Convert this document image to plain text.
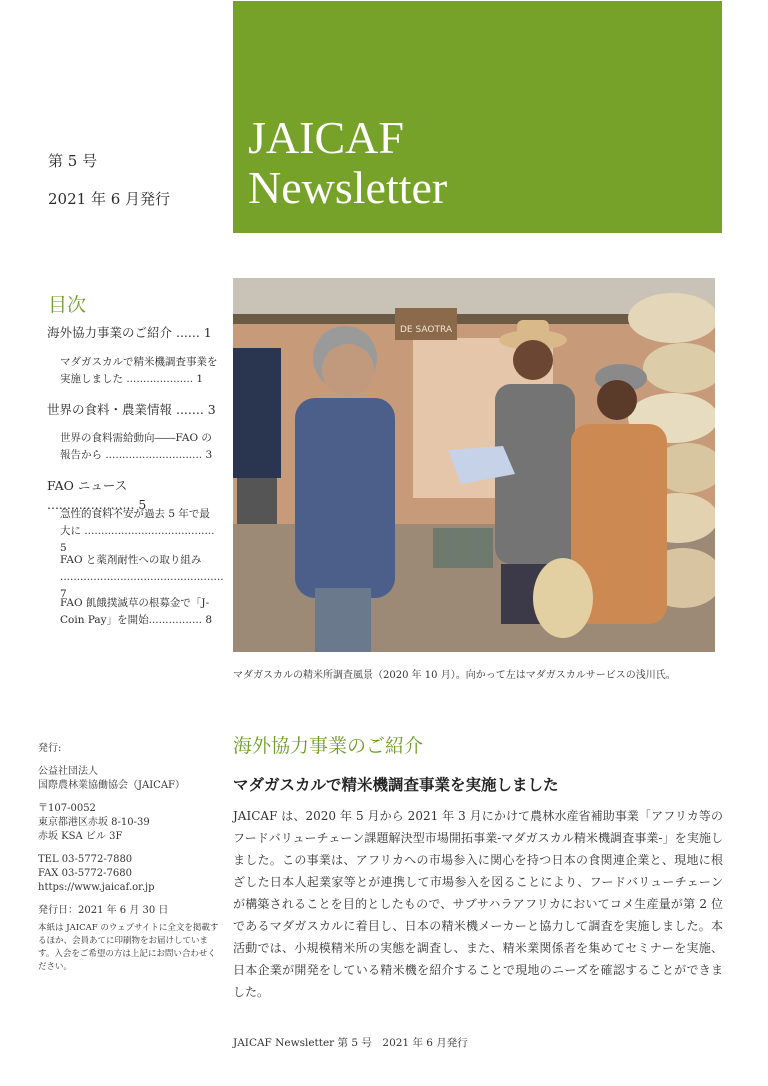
第 5 号
2021 年 6 月発行
JAICAF
Newsletter
目次
海外協力事業のご紹介 ...... 1
マダガスカルで精米機調査事業を実施しました .................... 1
世界の食料・農業情報 ....... 3
世界の食料需給動向――FAO の報告から ............................. 3
FAO ニュース ...................... 5
急性的食料不安が過去 5 年で最大に ....................................... 5
FAO と薬剤耐性への取り組み ................................................. 7
FAO 飢餓撲滅草の根募金で「J-Coin Pay」を開始................ 8
DE SAOTRA
マダガスカルの精米所調査風景（2020 年 10 月）。向かって左はマダガスカルサービスの浅川氏。
発行:
公益社団法人
国際農林業協働協会（JAICAF）
〒107-0052
東京都港区赤坂 8-10-39
赤坂 KSA ビル 3F
TEL 03-5772-7880
FAX 03-5772-7680
https://www.jaicaf.or.jp
発行日：2021 年 6 月 30 日
本紙は JAICAF のウェブサイトに全文を掲載するほか、会員あてに印刷物をお届けしています。入会をご希望の方は上記にお問い合わせください。
海外協力事業のご紹介
マダガスカルで精米機調査事業を実施しました
JAICAF は、2020 年 5 月から 2021 年 3 月にかけて農林水産省補助事業「アフリカ等のフードバリューチェーン課題解決型市場開拓事業‐マダガスカル精米機調査事業‐」を実施しました。この事業は、アフリカへの市場参入に関心を持つ日本の食関連企業と、現地に根ざした日本人起業家等とが連携して市場参入を図ることにより、フードバリューチェーンが構築されることを目的としたもので、サブサハラアフリカにおいてコメ生産量が第 2 位であるマダガスカルに着目し、日本の精米機メーカーと協力して調査を実施しました。本活動では、小規模精米所の実態を調査し、また、精米業関係者を集めてセミナーを実施、日本企業が開発をしている精米機を紹介することで現地のニーズを確認することができました。
JAICAF Newsletter 第 5 号　2021 年 6 月発行
